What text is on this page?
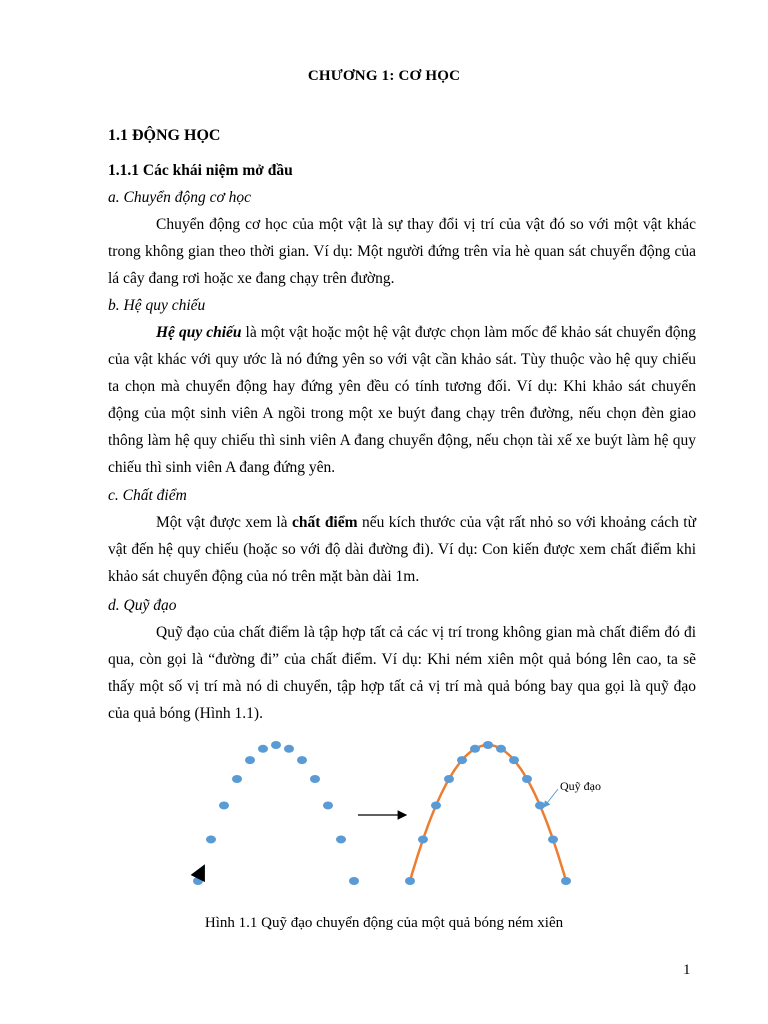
CHƯƠNG 1: CƠ HỌC
1.1 ĐỘNG HỌC
1.1.1 Các khái niệm mở đầu
a. Chuyển động cơ học
Chuyển động cơ học của một vật là sự thay đổi vị trí của vật đó so với một vật khác trong không gian theo thời gian. Ví dụ: Một người đứng trên vỉa hè quan sát chuyển động của lá cây đang rơi hoặc xe đang chạy trên đường.
b. Hệ quy chiếu
Hệ quy chiếu là một vật hoặc một hệ vật được chọn làm mốc để khảo sát chuyển động của vật khác với quy ước là nó đứng yên so với vật cần khảo sát. Tùy thuộc vào hệ quy chiếu ta chọn mà chuyển động hay đứng yên đều có tính tương đối. Ví dụ: Khi khảo sát chuyển động của một sinh viên A ngồi trong một xe buýt đang chạy trên đường, nếu chọn đèn giao thông làm hệ quy chiếu thì sinh viên A đang chuyển động, nếu chọn tài xế xe buýt làm hệ quy chiếu thì sinh viên A đang đứng yên.
c. Chất điểm
Một vật được xem là chất điểm nếu kích thước của vật rất nhỏ so với khoảng cách từ vật đến hệ quy chiếu (hoặc so với độ dài đường đi). Ví dụ: Con kiến được xem chất điểm khi khảo sát chuyển động của nó trên mặt bàn dài 1m.
d. Quỹ đạo
Quỹ đạo của chất điểm là tập hợp tất cả các vị trí trong không gian mà chất điểm đó đi qua, còn gọi là “đường đi” của chất điểm. Ví dụ: Khi ném xiên một quả bóng lên cao, ta sẽ thấy một số vị trí mà nó di chuyển, tập hợp tất cả vị trí mà quả bóng bay qua gọi là quỹ đạo của quả bóng (Hình 1.1).
Quỹ đạo
Hình 1.1 Quỹ đạo chuyển động của một quả bóng ném xiên
1
